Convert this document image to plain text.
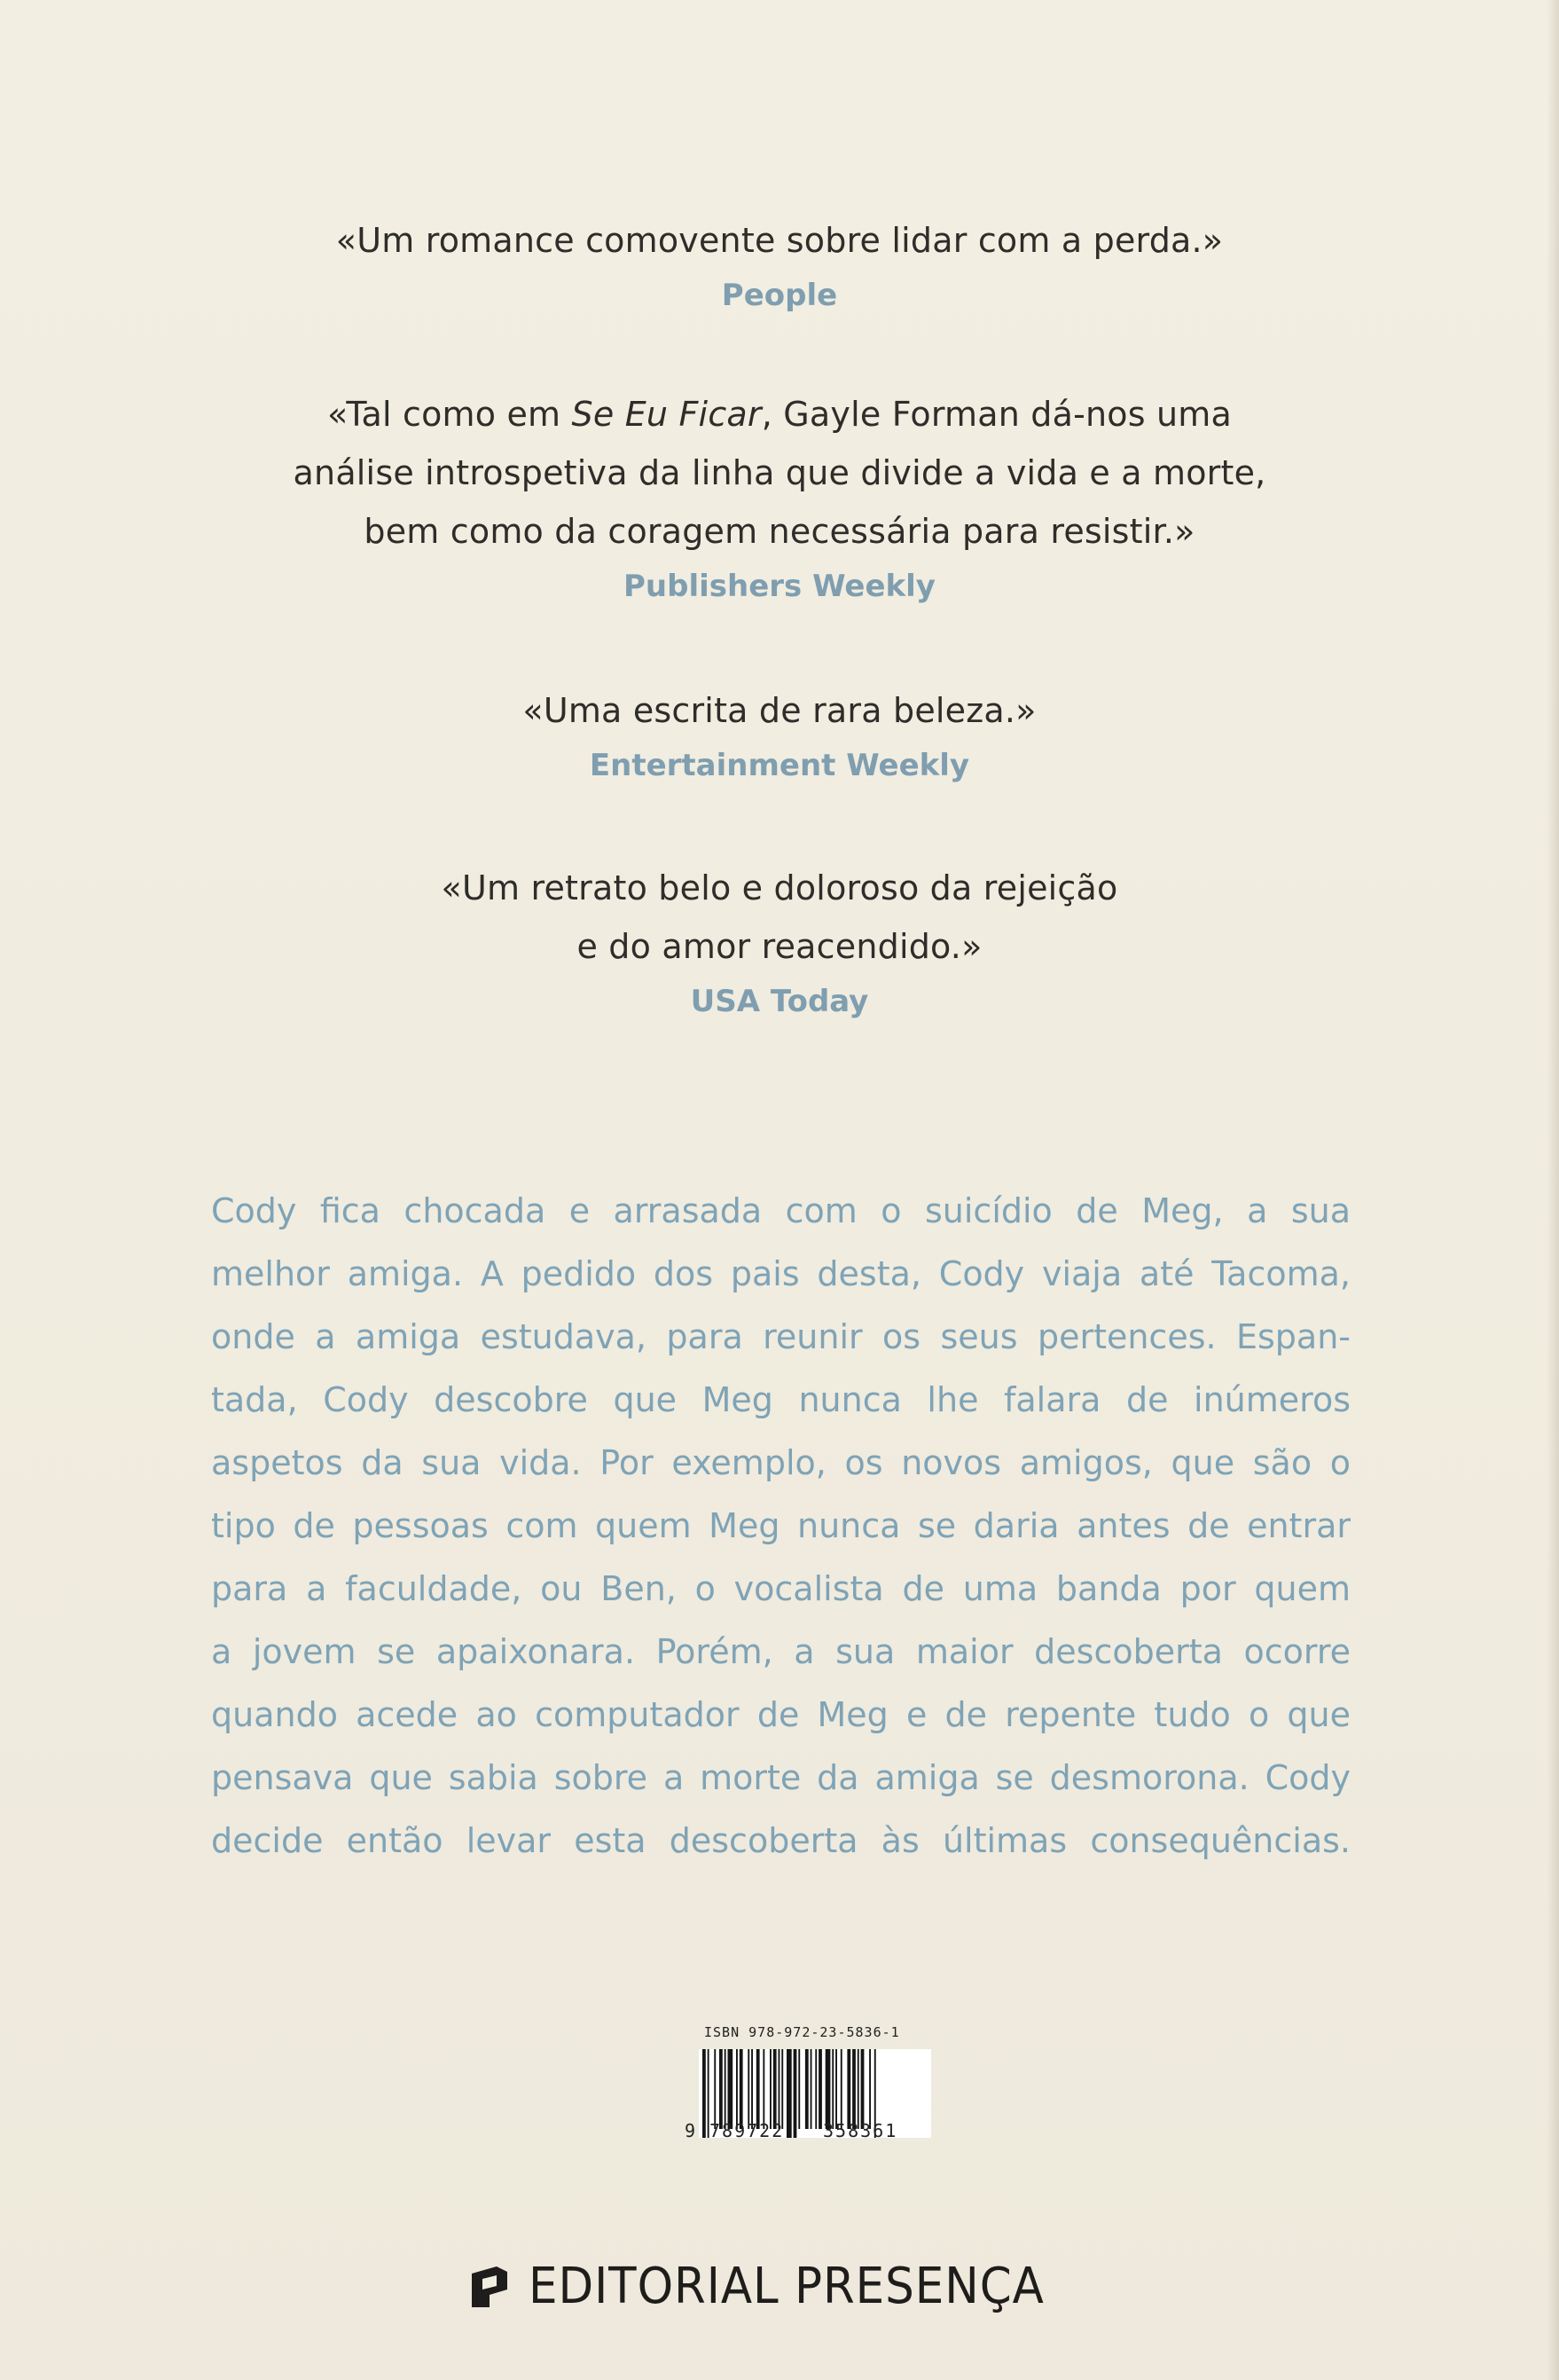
«Um romance comovente sobre lidar com a perda.»
People
«Tal como em Se Eu Ficar, Gayle Forman dá-nos uma
análise introspetiva da linha que divide a vida e a morte,
bem como da coragem necessária para resistir.»
Publishers Weekly
«Uma escrita de rara beleza.»
Entertainment Weekly
«Um retrato belo e doloroso da rejeição
e do amor reacendido.»
USA Today
Cody fica chocada e arrasada com o suicídio de Meg, a sua
melhor amiga. A pedido dos pais desta, Cody viaja até Tacoma,
onde a amiga estudava, para reunir os seus pertences. Espan-
tada, Cody descobre que Meg nunca lhe falara de inúmeros
aspetos da sua vida. Por exemplo, os novos amigos, que são o
tipo de pessoas com quem Meg nunca se daria antes de entrar
para a faculdade, ou Ben, o vocalista de uma banda por quem
a jovem se apaixonara. Porém, a sua maior descoberta ocorre
quando acede ao computador de Meg e de repente tudo o que
pensava que sabia sobre a morte da amiga se desmorona. Cody
decide então levar esta descoberta às últimas consequências.
ISBN 978-972-23-5836-1
9 789722 358361
EDITORIAL PRESENÇA
